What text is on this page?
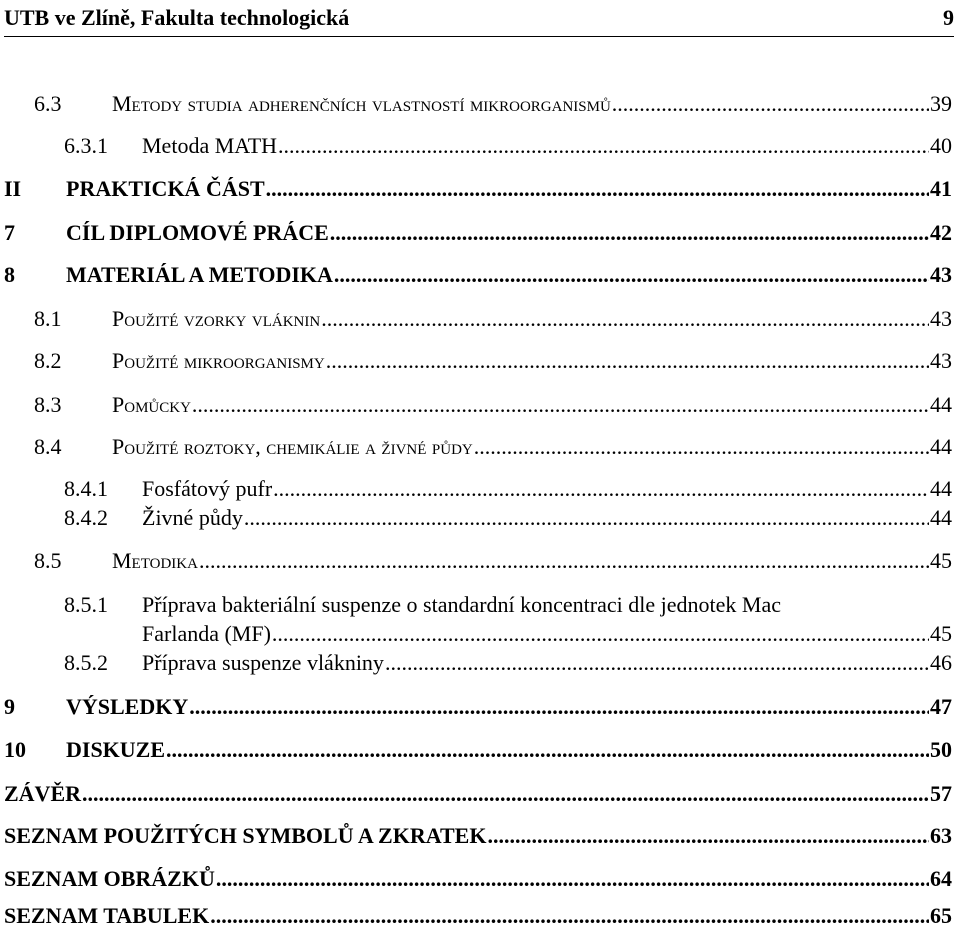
UTB ve Zlíně, Fakulta technologická	9
6.3	Metody studia adherenčních vlastností mikroorganismů .....	39
6.3.1	Metoda MATH .....	40
II	PRAKTICKÁ ČÁST .....	41
7	CÍL DIPLOMOVÉ PRÁCE .....	42
8	MATERIÁL A METODIKA .....	43
8.1	Použité vzorky vláknin .....	43
8.2	Použité mikroorganismy .....	43
8.3	Pomůcky .....	44
8.4	Použité roztoky, chemikálie a živné půdy .....	44
8.4.1	Fosfátový pufr .....	44
8.4.2	Živné půdy .....	44
8.5	Metodika .....	45
8.5.1	Příprava bakteriální suspenze o standardní koncentraci dle jednotek Mac
Farlanda (MF) .....	45
8.5.2	Příprava suspenze vlákniny .....	46
9	VÝSLEDKY .....	47
10	DISKUZE .....	50
ZÁVĚR .....	57
SEZNAM POUŽITÝCH SYMBOLŮ A ZKRATEK .....	63
SEZNAM OBRÁZKŮ .....	64
SEZNAM TABULEK .....	65
